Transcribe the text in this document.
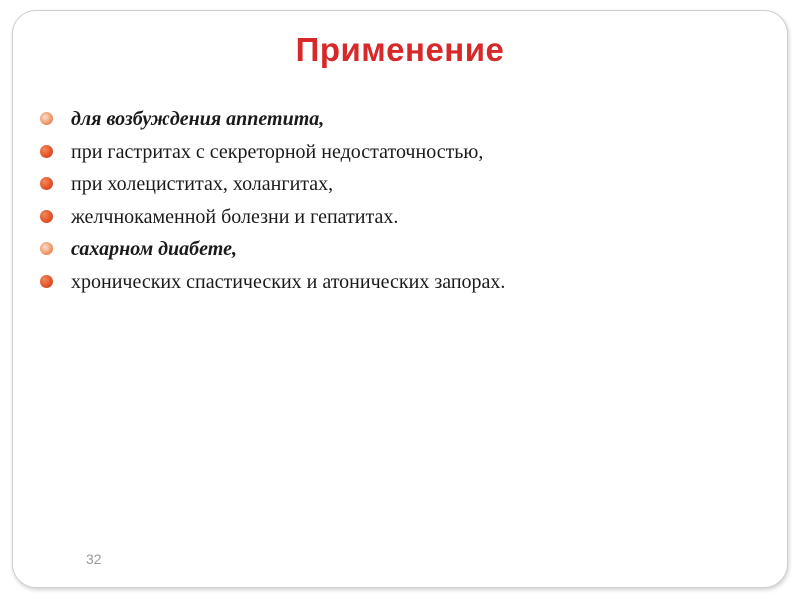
Применение
для возбуждения аппетита,
при гастритах с секреторной недостаточностью,
при холециститах, холангитах,
желчнокаменной болезни и гепатитах.
сахарном диабете,
хронических спастических и атонических запорах.
32
